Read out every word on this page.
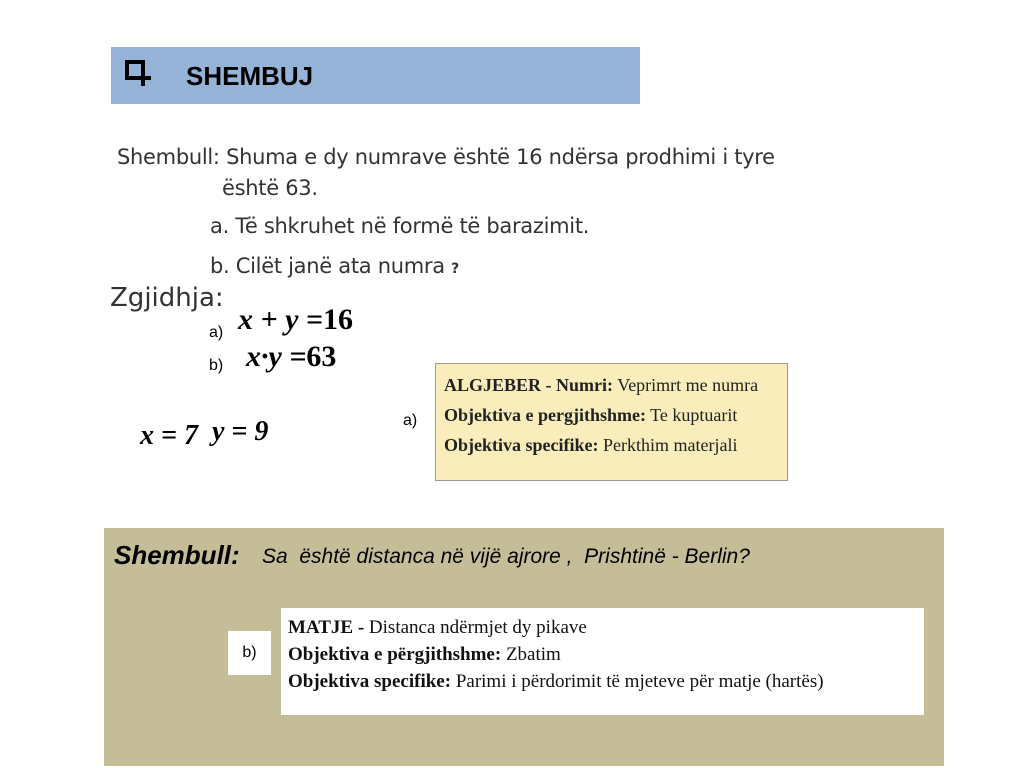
SHEMBUJ
Shembull: Shuma e dy numrave është 16 ndërsa prodhimi i tyre
është 63.
a. Të shkruhet në formë të barazimit.
b. Cilët janë ata numra ?
Zgjidhja:
a)
b)
x + y =16
x·y =63
x = 7 y = 9	a)
ALGJEBER - Numri: Veprimrt me numra
Objektiva e pergjithshme: Te kuptuarit
Objektiva specifike: Perkthim materjali
Shembull: Sa  është distanca në vijë ajrore ,  Prishtinë - Berlin?
b)
MATJE - Distanca ndërmjet dy pikave
Objektiva e përgjithshme: Zbatim
Objektiva specifike: Parimi i përdorimit të mjeteve për matje (hartës)
